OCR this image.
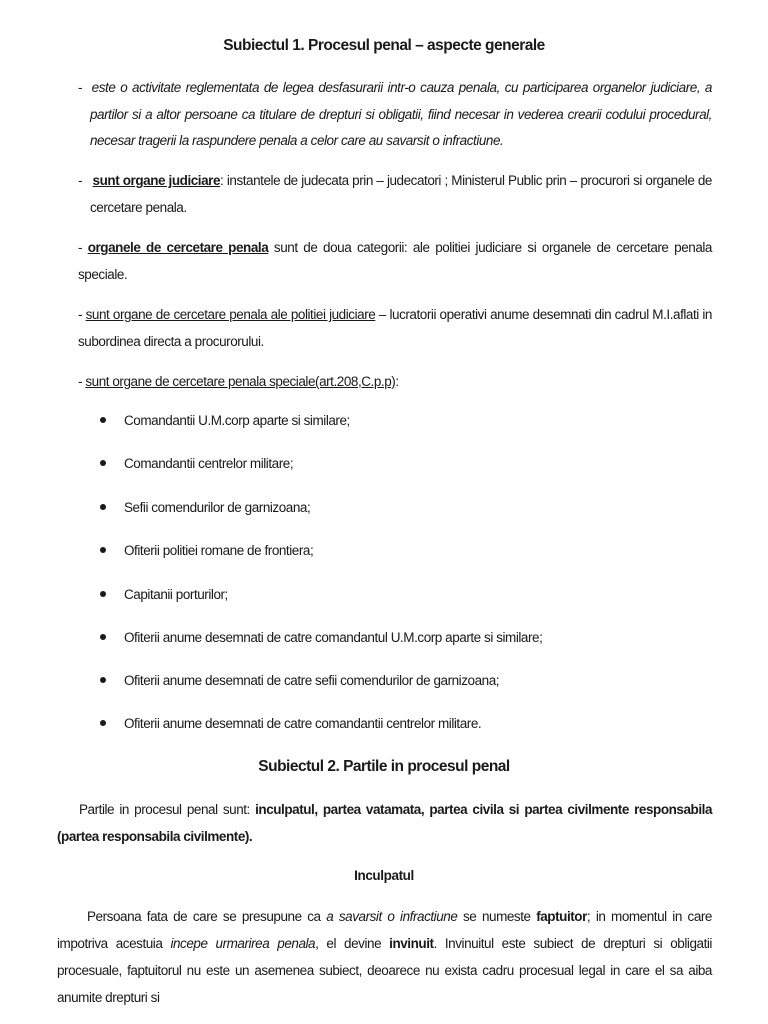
Subiectul 1. Procesul penal – aspecte generale
- este o activitate reglementata de legea desfasurarii intr-o cauza penala, cu participarea organelor judiciare, a partilor si a altor persoane ca titulare de drepturi si obligatii, fiind necesar in vederea crearii codului procedural, necesar tragerii la raspundere penala a celor care au savarsit o infractiune.
- sunt organe judiciare: instantele de judecata prin – judecatori ; Ministerul Public prin – procurori si organele de cercetare penala.
- organele de cercetare penala sunt de doua categorii: ale politiei judiciare si organele de cercetare penala speciale.
- sunt organe de cercetare penala ale politiei judiciare – lucratorii operativi anume desemnati din cadrul M.I.aflati in subordinea directa a procurorului.
- sunt organe de cercetare penala speciale(art.208,C.p.p):
Comandantii U.M.corp aparte si similare;
Comandantii centrelor militare;
Sefii comendurilor de garnizoana;
Ofiterii politiei romane de frontiera;
Capitanii porturilor;
Ofiterii anume desemnati de catre comandantul U.M.corp aparte si similare;
Ofiterii anume desemnati de catre sefii comendurilor de garnizoana;
Ofiterii anume desemnati de catre comandantii centrelor militare.
Subiectul 2. Partile in procesul penal
Partile in procesul penal sunt: inculpatul, partea vatamata, partea civila si partea civilmente responsabila (partea responsabila civilmente).
Inculpatul
Persoana fata de care se presupune ca a savarsit o infractiune se numeste faptuitor; in momentul in care impotriva acestuia incepe urmarirea penala, el devine invinuit. Invinuitul este subiect de drepturi si obligatii procesuale, faptuitorul nu este un asemenea subiect, deoarece nu exista cadru procesual legal in care el sa aiba anumite drepturi si
